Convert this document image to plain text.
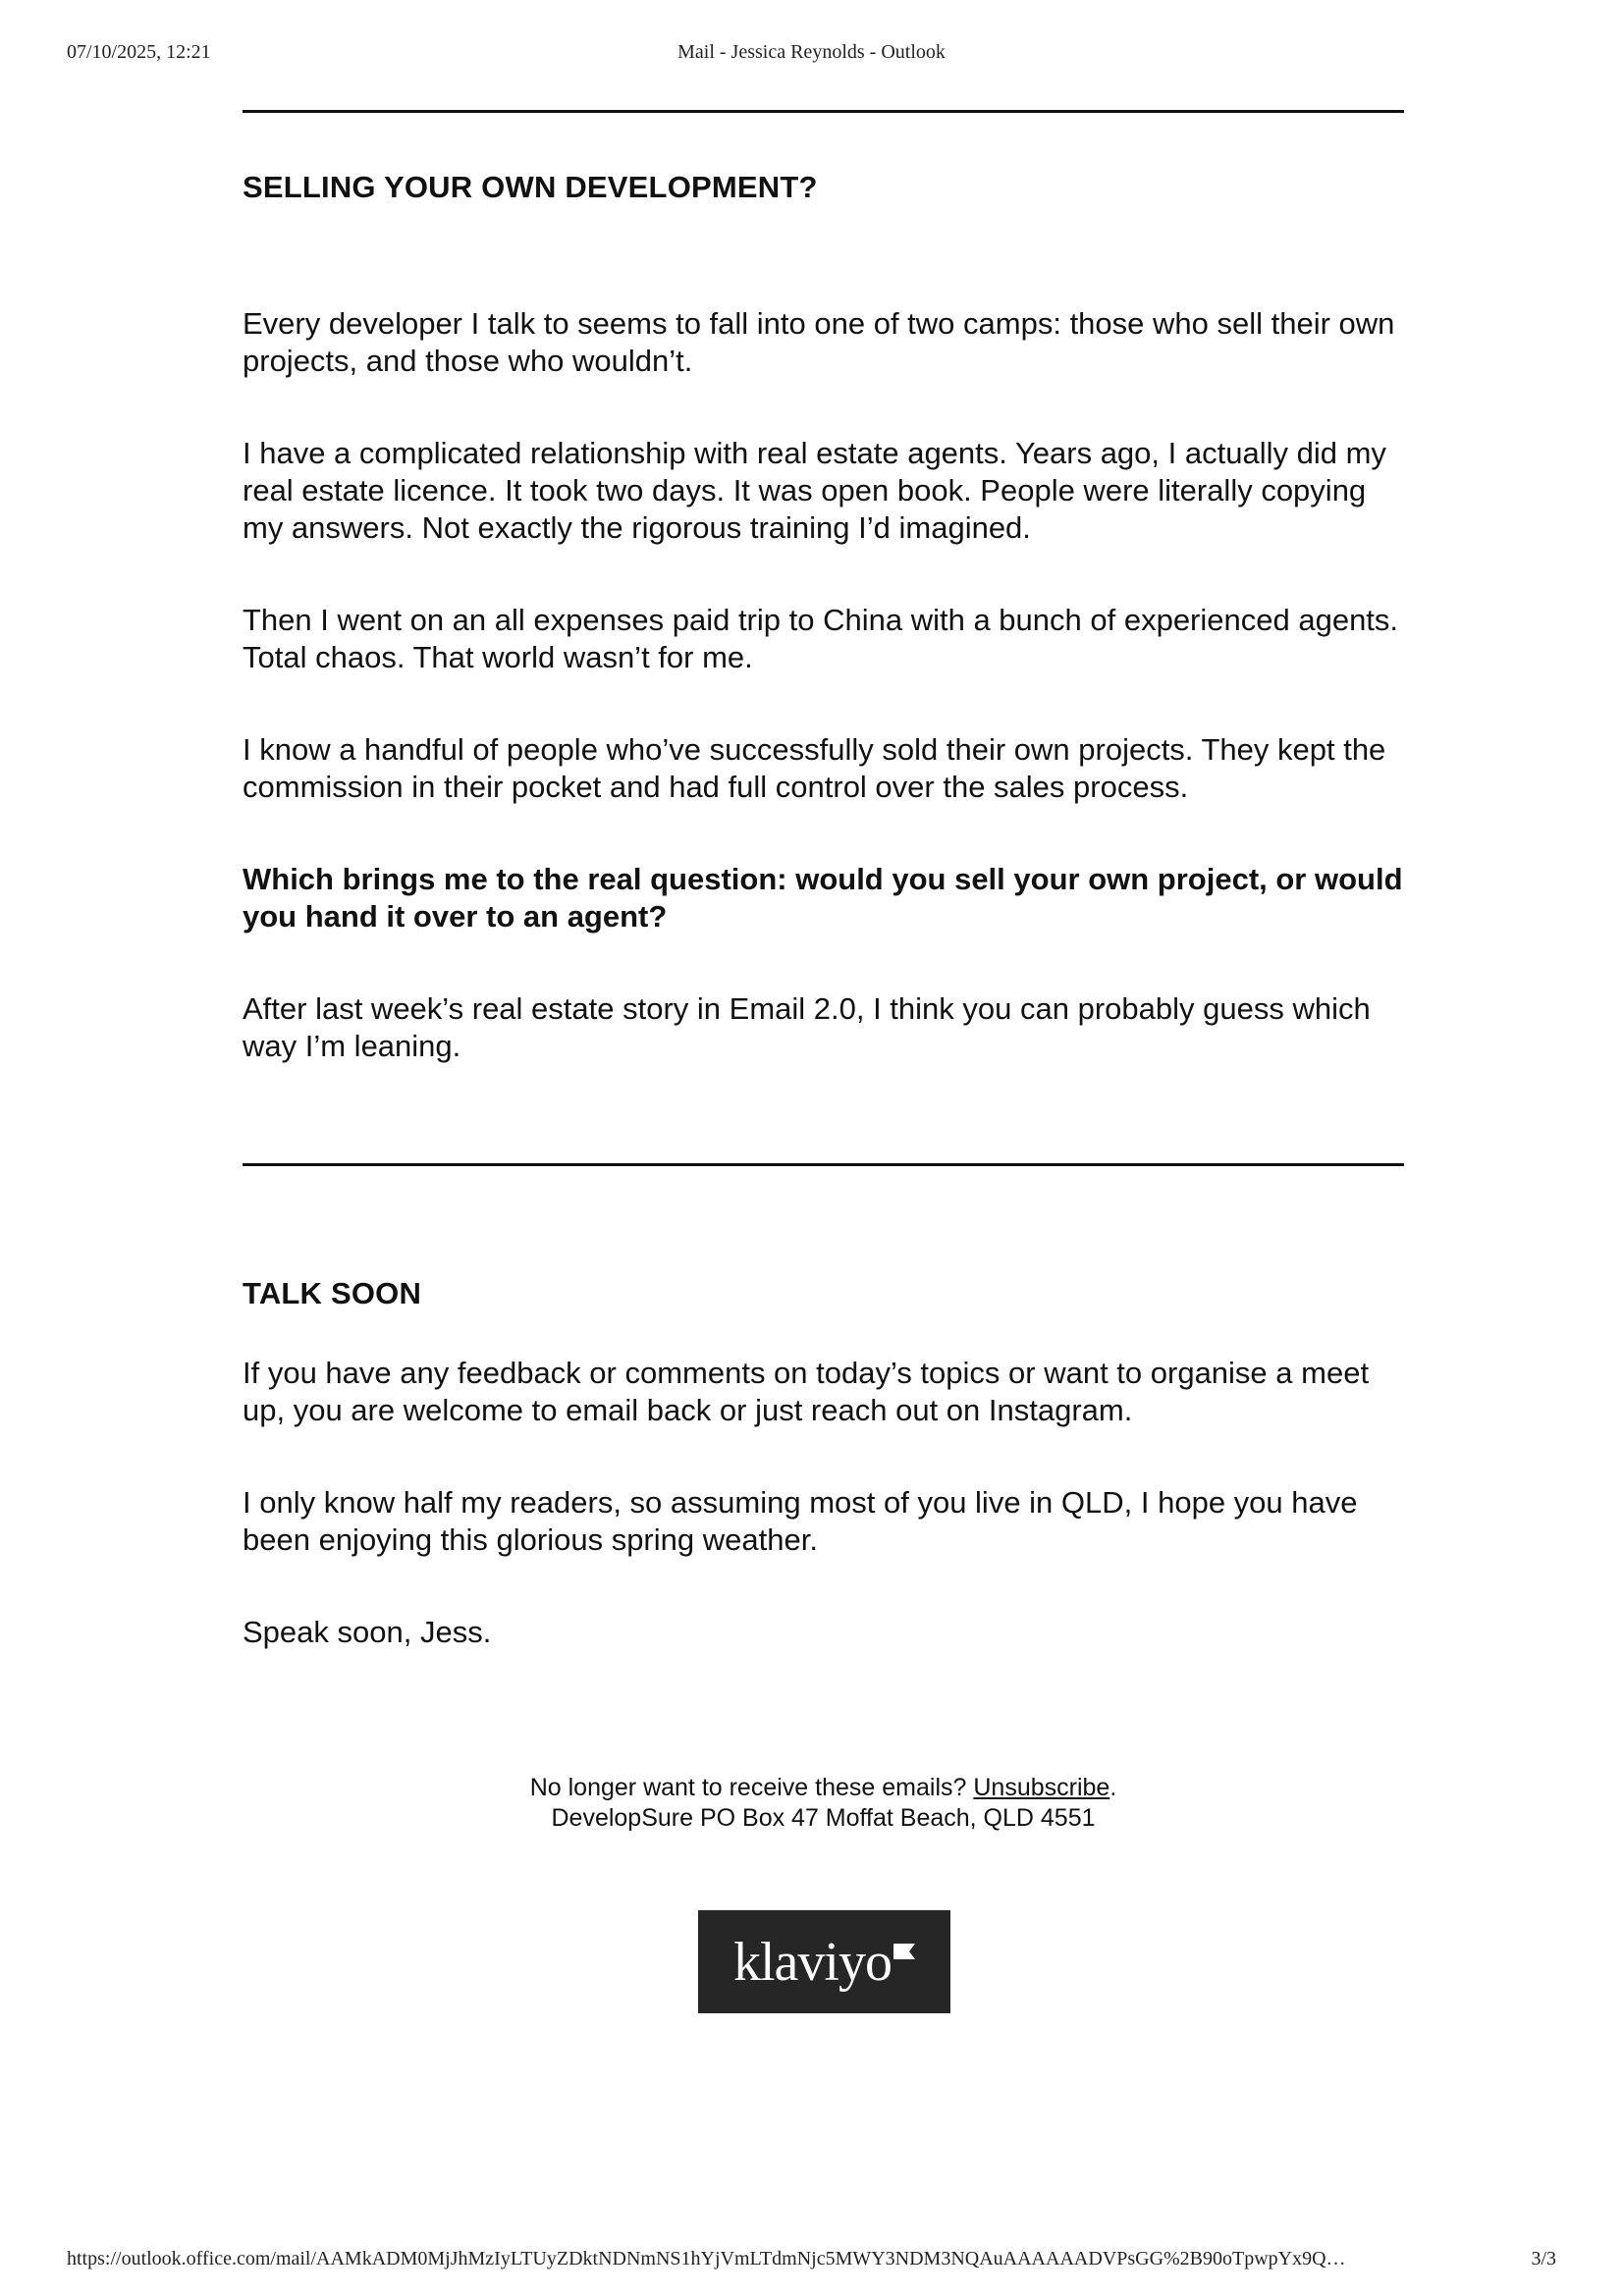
07/10/2025, 12:21	Mail - Jessica Reynolds - Outlook
SELLING YOUR OWN DEVELOPMENT?

Every developer I talk to seems to fall into one of two camps: those who sell their own projects, and those who wouldn’t.

I have a complicated relationship with real estate agents. Years ago, I actually did my real estate licence. It took two days. It was open book. People were literally copying my answers. Not exactly the rigorous training I’d imagined.

Then I went on an all expenses paid trip to China with a bunch of experienced agents. Total chaos. That world wasn’t for me.

I know a handful of people who’ve successfully sold their own projects. They kept the commission in their pocket and had full control over the sales process.

Which brings me to the real question: would you sell your own project, or would you hand it over to an agent?

After last week’s real estate story in Email 2.0, I think you can probably guess which way I’m leaning.

TALK SOON

If you have any feedback or comments on today’s topics or want to organise a meet up, you are welcome to email back or just reach out on Instagram.

I only know half my readers, so assuming most of you live in QLD, I hope you have been enjoying this glorious spring weather.

Speak soon, Jess.

No longer want to receive these emails? Unsubscribe.
DevelopSure PO Box 47 Moffat Beach, QLD 4551
klaviyo
https://outlook.office.com/mail/AAMkADM0MjJhMzIyLTUyZDktNDNmNS1hYjVmLTdmNjc5MWY3NDM3NQAuAAAAAADVPsGG%2B90oTpwpYx9Q…	3/3
